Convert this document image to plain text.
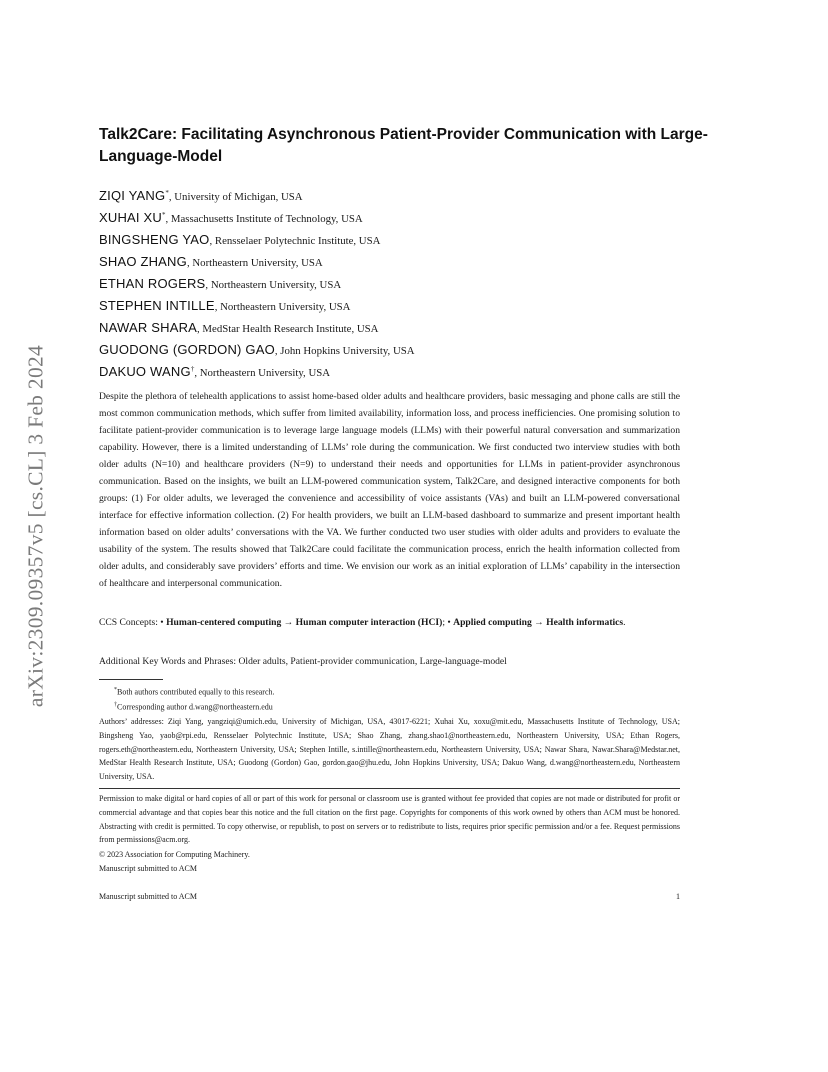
arXiv:2309.09357v5 [cs.CL] 3 Feb 2024
Talk2Care: Facilitating Asynchronous Patient-Provider Communication with Large-Language-Model
ZIQI YANG*, University of Michigan, USA
XUHAI XU*, Massachusetts Institute of Technology, USA
BINGSHENG YAO, Rensselaer Polytechnic Institute, USA
SHAO ZHANG, Northeastern University, USA
ETHAN ROGERS, Northeastern University, USA
STEPHEN INTILLE, Northeastern University, USA
NAWAR SHARA, MedStar Health Research Institute, USA
GUODONG (GORDON) GAO, John Hopkins University, USA
DAKUO WANG†, Northeastern University, USA

Despite the plethora of telehealth applications to assist home-based older adults and healthcare providers, basic messaging and phone calls are still the most common communication methods, which suffer from limited availability, information loss, and process inefficiencies. One promising solution to facilitate patient-provider communication is to leverage large language models (LLMs) with their powerful natural conversation and summarization capability. However, there is a limited understanding of LLMs’ role during the communication. We first conducted two interview studies with both older adults (N=10) and healthcare providers (N=9) to understand their needs and opportunities for LLMs in patient-provider asynchronous communication. Based on the insights, we built an LLM-powered communication system, Talk2Care, and designed interactive components for both groups: (1) For older adults, we leveraged the convenience and accessibility of voice assistants (VAs) and built an LLM-powered conversational interface for effective information collection. (2) For health providers, we built an LLM-based dashboard to summarize and present important health information based on older adults’ conversations with the VA. We further conducted two user studies with older adults and providers to evaluate the usability of the system. The results showed that Talk2Care could facilitate the communication process, enrich the health information collected from older adults, and considerably save providers’ efforts and time. We envision our work as an initial exploration of LLMs’ capability in the intersection of healthcare and interpersonal communication.

CCS Concepts: • Human-centered computing → Human computer interaction (HCI); • Applied computing → Health informatics.

Additional Key Words and Phrases: Older adults, Patient-provider communication, Large-language-model

*Both authors contributed equally to this research.
†Corresponding author d.wang@northeastern.edu

Authors’ addresses: Ziqi Yang, yangziqi@umich.edu, University of Michigan, USA, 43017-6221; Xuhai Xu, xoxu@mit.edu, Massachusetts Institute of Technology, USA; Bingsheng Yao, yaob@rpi.edu, Rensselaer Polytechnic Institute, USA; Shao Zhang, zhang.shao1@northeastern.edu, Northeastern University, USA; Ethan Rogers, rogers.eth@northeastern.edu, Northeastern University, USA; Stephen Intille, s.intille@northeastern.edu, Northeastern University, USA; Nawar Shara, Nawar.Shara@Medstar.net, MedStar Health Research Institute, USA; Guodong (Gordon) Gao, gordon.gao@jhu.edu, John Hopkins University, USA; Dakuo Wang, d.wang@northeastern.edu, Northeastern University, USA.

Permission to make digital or hard copies of all or part of this work for personal or classroom use is granted without fee provided that copies are not made or distributed for profit or commercial advantage and that copies bear this notice and the full citation on the first page. Copyrights for components of this work owned by others than ACM must be honored. Abstracting with credit is permitted. To copy otherwise, or republish, to post on servers or to redistribute to lists, requires prior specific permission and/or a fee. Request permissions from permissions@acm.org.

© 2023 Association for Computing Machinery.
Manuscript submitted to ACM
Manuscript submitted to ACM	1
